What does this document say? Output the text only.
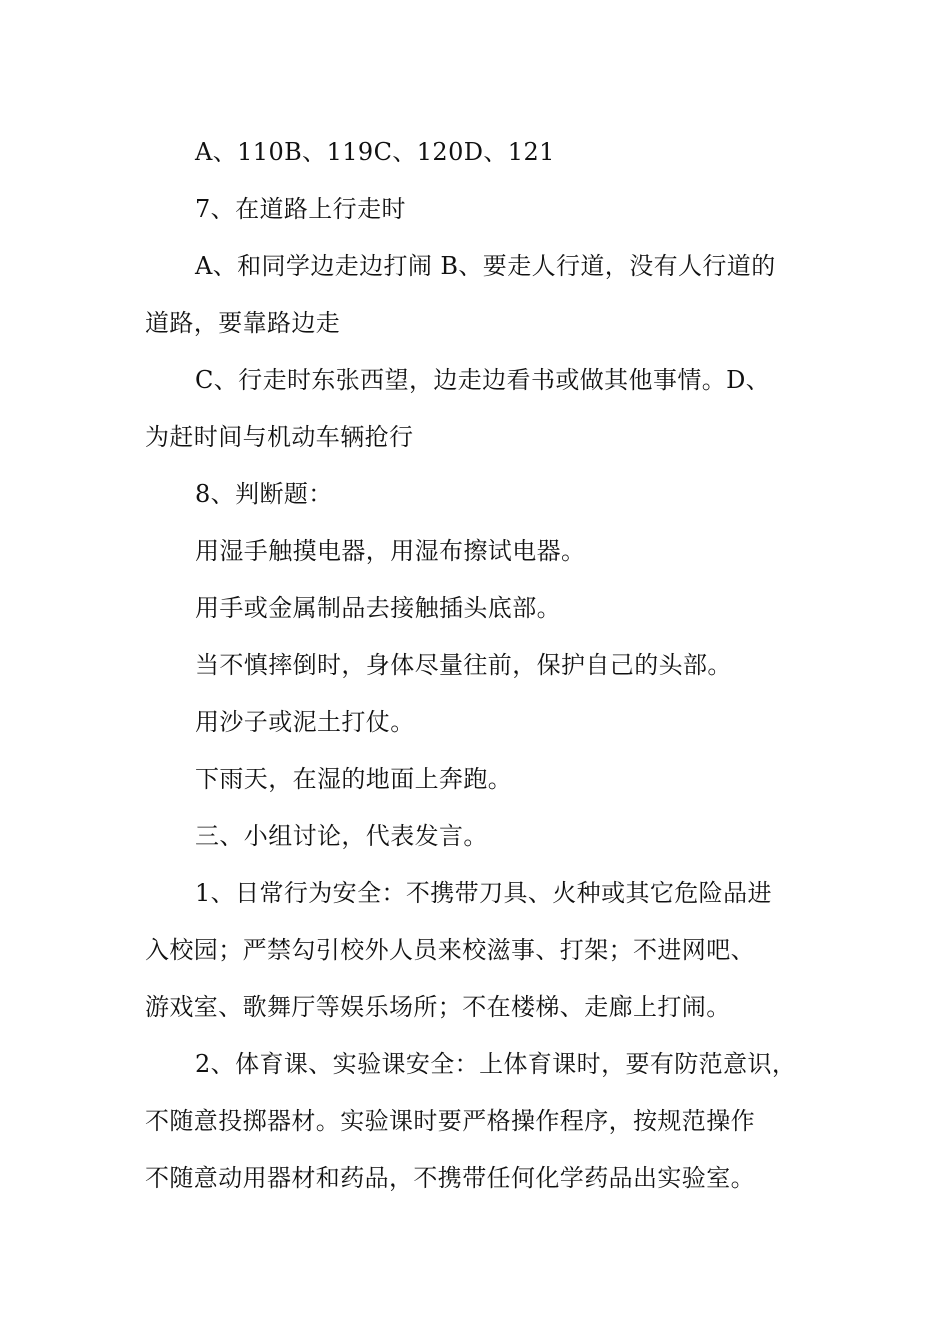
A、110B、119C、120D、121
7、在道路上行走时
A、和同学边走边打闹 B、要走人行道，没有人行道的
道路，要靠路边走
C、行走时东张西望，边走边看书或做其他事情。D、
为赶时间与机动车辆抢行
8、判断题：
用湿手触摸电器，用湿布擦试电器。
用手或金属制品去接触插头底部。
当不慎摔倒时，身体尽量往前，保护自己的头部。
用沙子或泥土打仗。
下雨天，在湿的地面上奔跑。
三、小组讨论，代表发言。
1、日常行为安全：不携带刀具、火种或其它危险品进
入校园；严禁勾引校外人员来校滋事、打架；不进网吧、
游戏室、歌舞厅等娱乐场所；不在楼梯、走廊上打闹。
2、体育课、实验课安全：上体育课时，要有防范意识，
不随意投掷器材。实验课时要严格操作程序，按规范操作
不随意动用器材和药品，不携带任何化学药品出实验室。
